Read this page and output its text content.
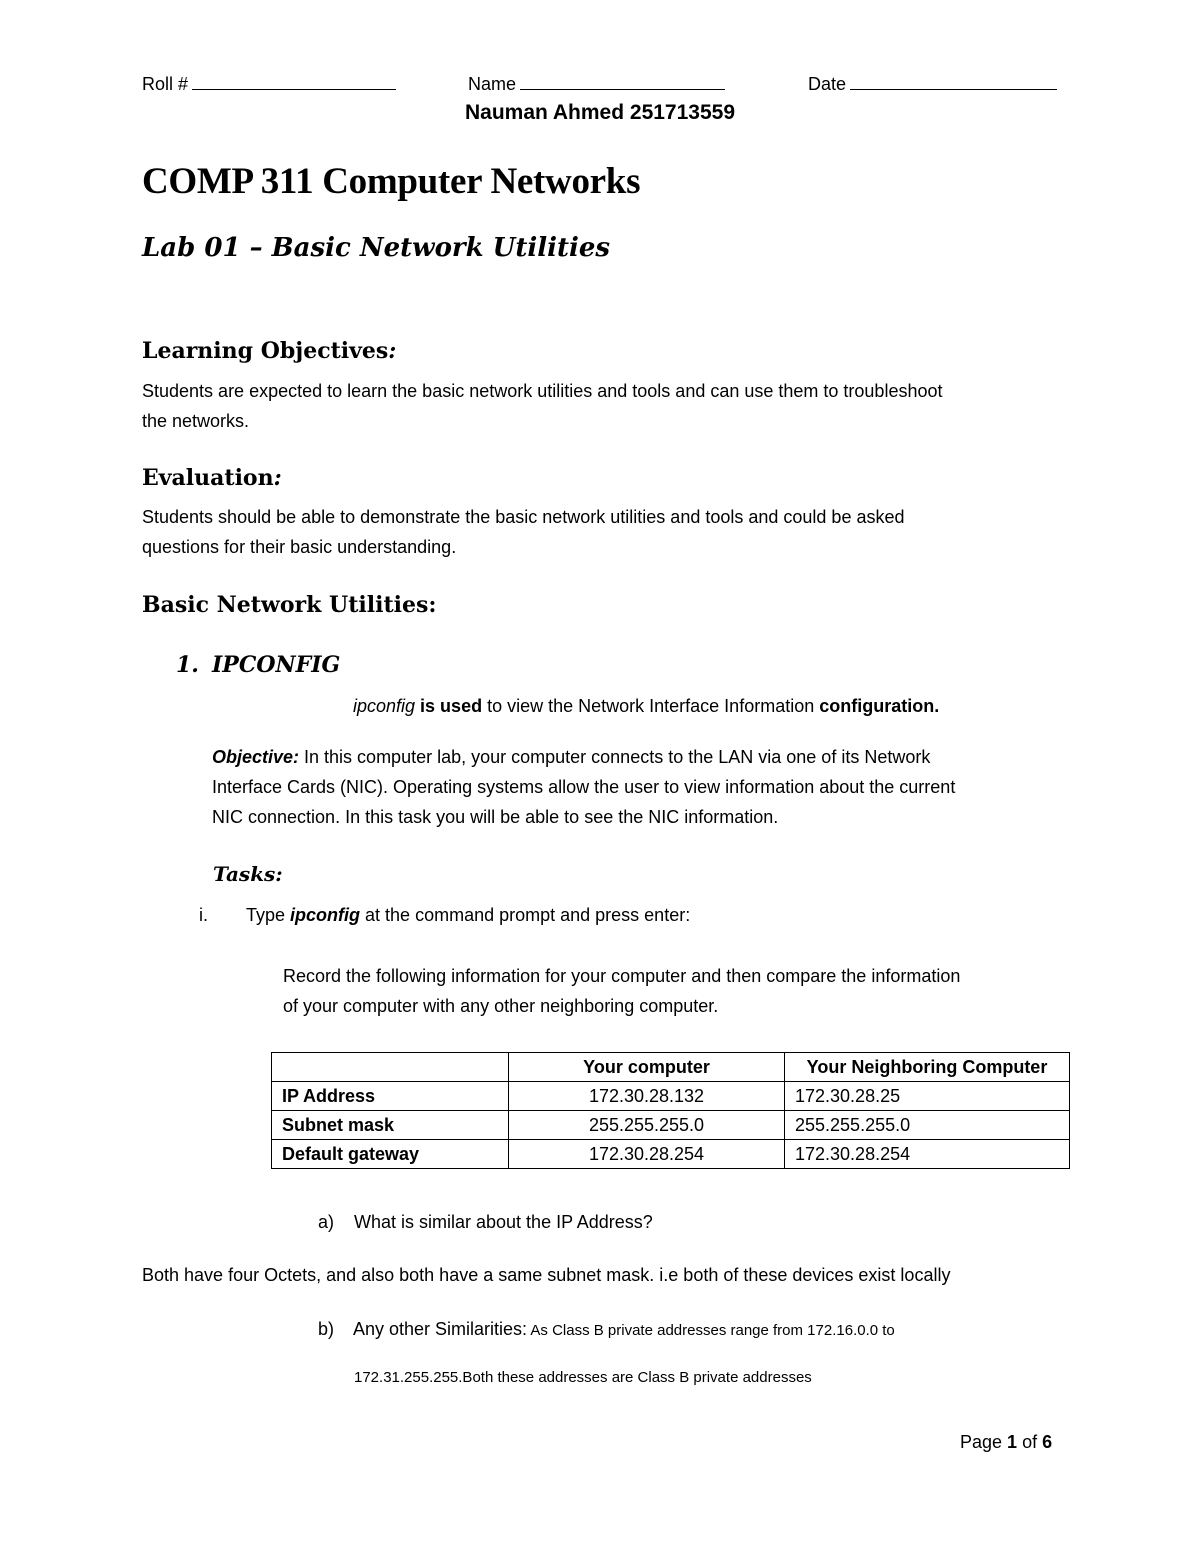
Roll #	Name	Date
Nauman Ahmed 251713559
COMP 311 Computer Networks
Lab 01 – Basic Network Utilities
Learning Objectives:
Students are expected to learn the basic network utilities and tools and can use them to troubleshoot
the networks.
Evaluation:
Students should be able to demonstrate the basic network utilities and tools and could be asked
questions for their basic understanding.
Basic Network Utilities:
1. IPCONFIG
ipconfig is used to view the Network Interface Information configuration.
Objective: In this computer lab, your computer connects to the LAN via one of its Network
Interface Cards (NIC). Operating systems allow the user to view information about the current
NIC connection. In this task you will be able to see the NIC information.
Tasks:
i. Type ipconfig at the command prompt and press enter:
Record the following information for your computer and then compare the information
of your computer with any other neighboring computer.
	Your computer	Your Neighboring Computer
IP Address	172.30.28.132	172.30.28.25
Subnet mask	255.255.255.0	255.255.255.0
Default gateway	172.30.28.254	172.30.28.254
a) What is similar about the IP Address?
Both have four Octets, and also both have a same subnet mask. i.e both of these devices exist locally
b) Any other Similarities: As Class B private addresses range from 172.16.0.0 to
172.31.255.255.Both these addresses are Class B private addresses
Page 1 of 6
